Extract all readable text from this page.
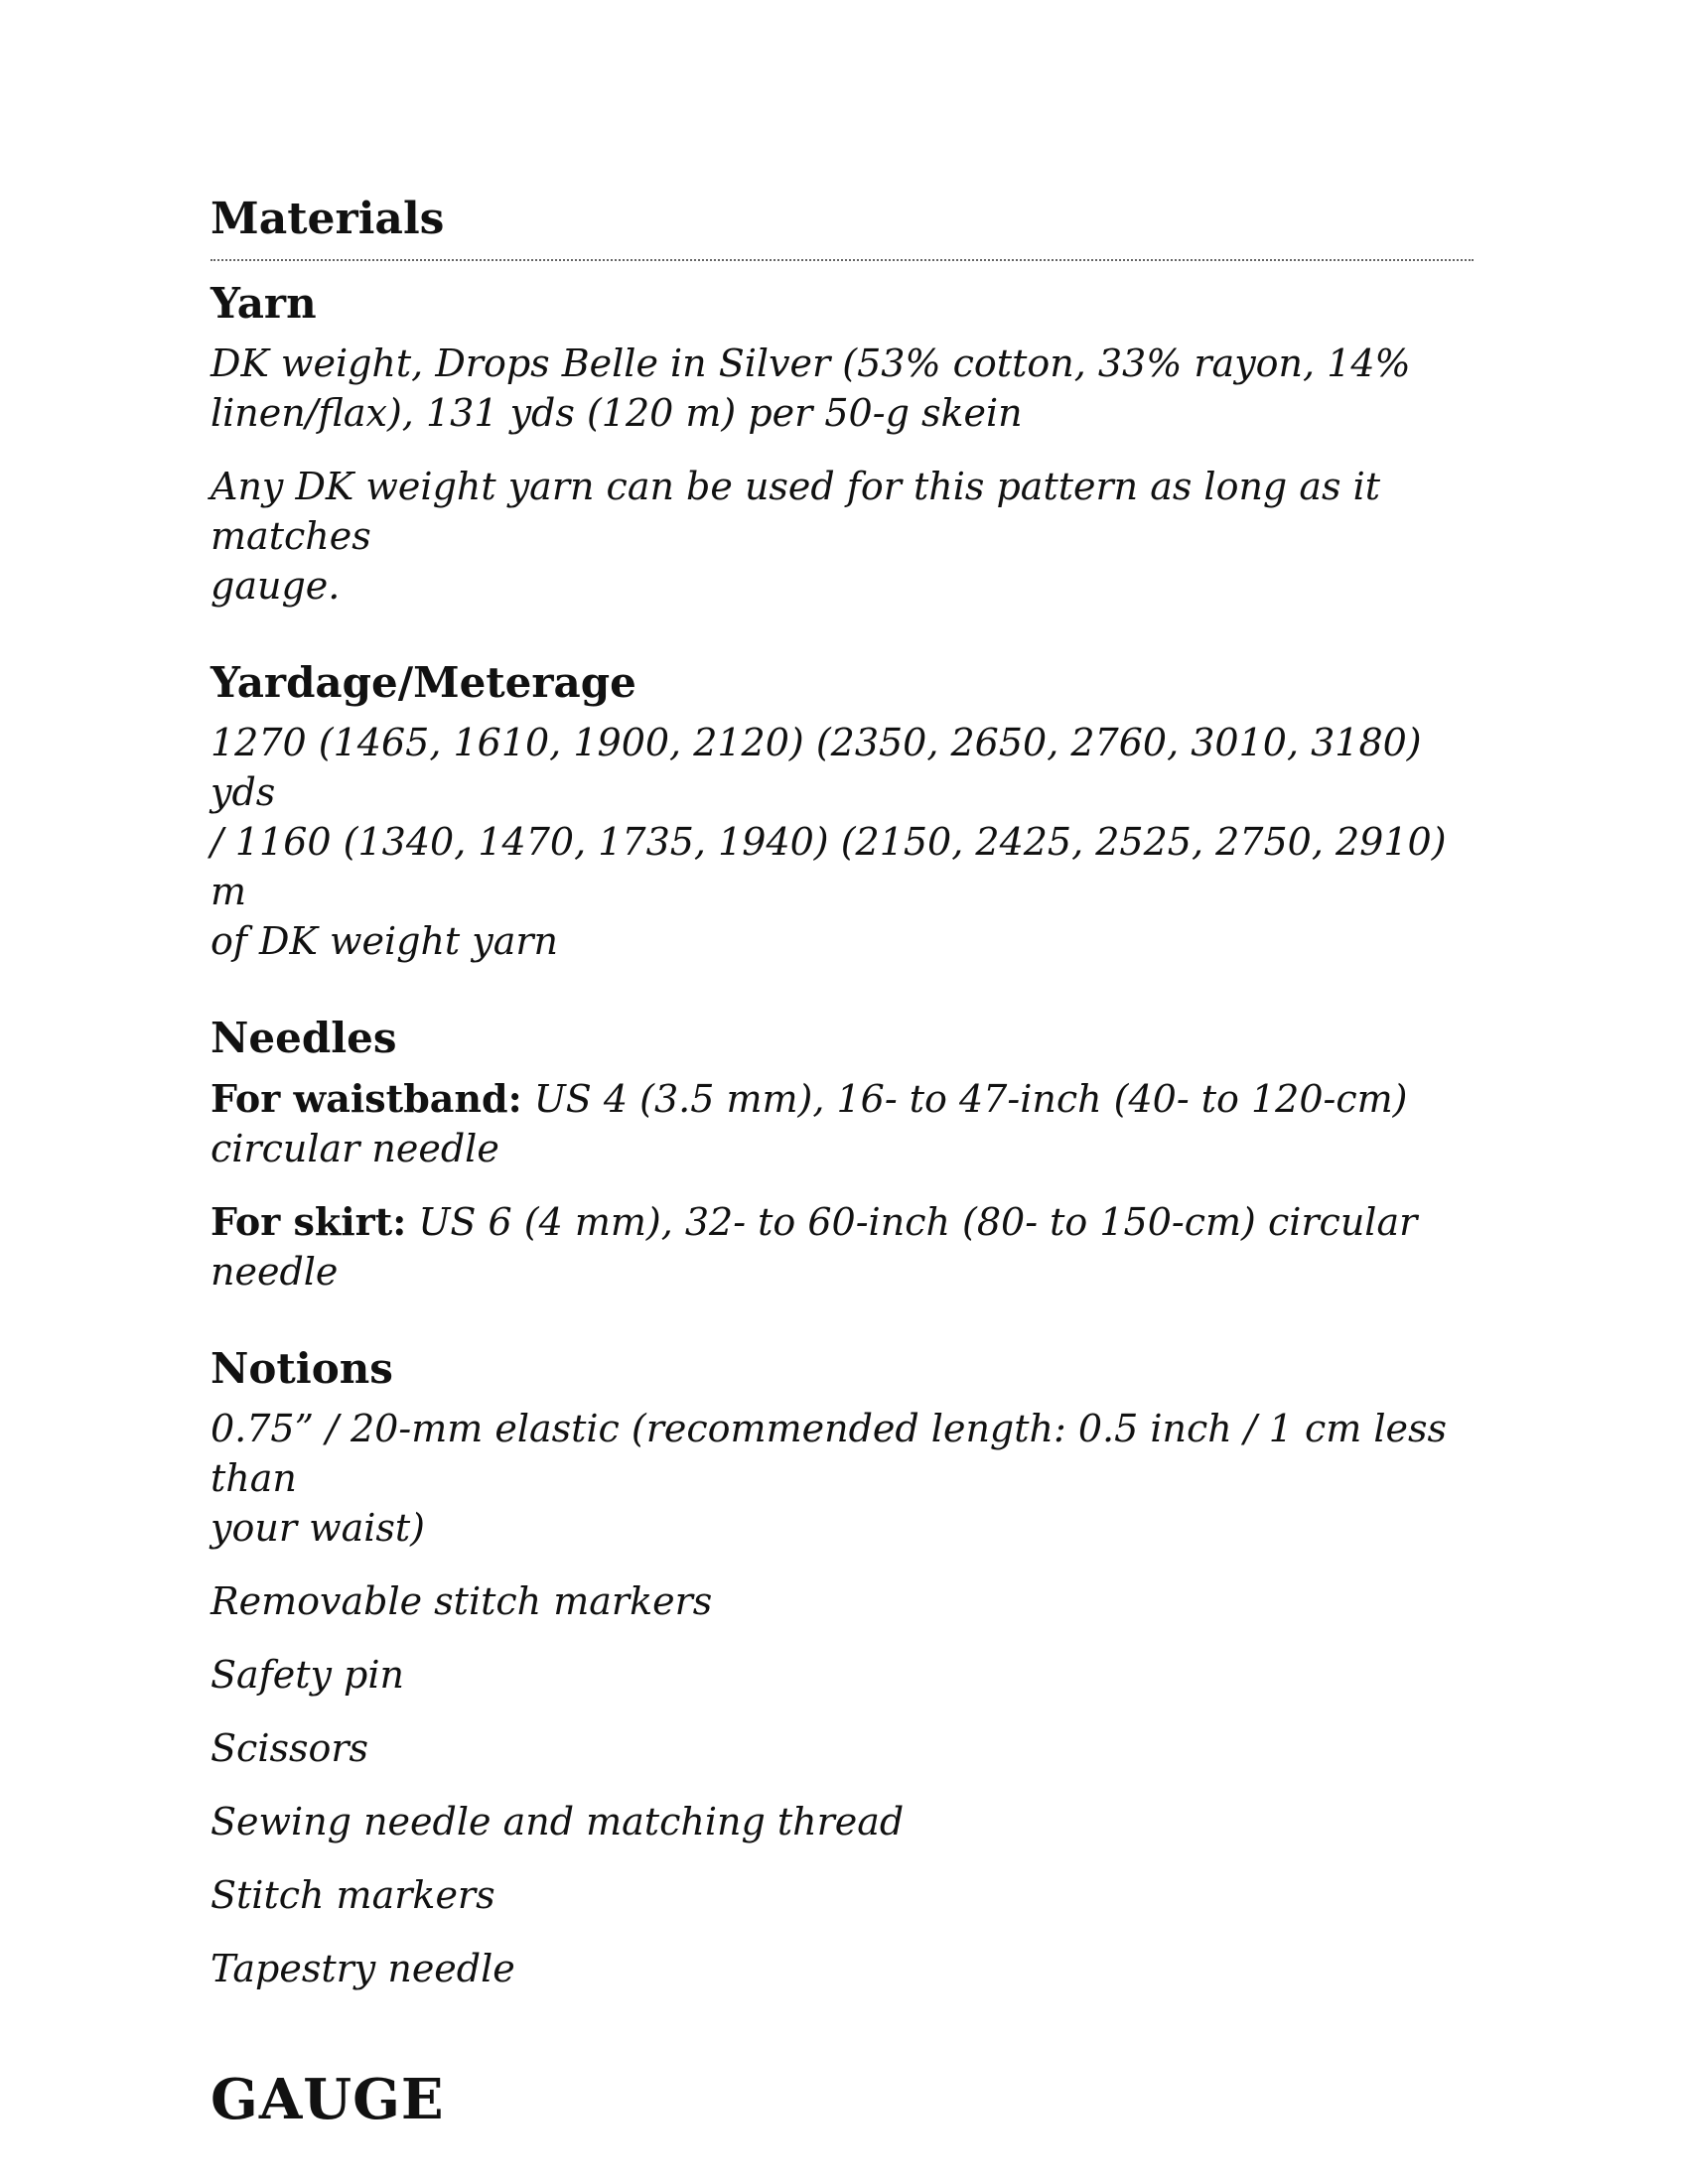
Materials
Yarn

DK weight, Drops Belle in Silver (53% cotton, 33% rayon, 14%

linen/flax), 131 yds (120 m) per 50-g skein

Any DK weight yarn can be used for this pattern as long as it matches

gauge.

Yardage/Meterage

1270 (1465, 1610, 1900, 2120) (2350, 2650, 2760, 3010, 3180) yds

/ 1160 (1340, 1470, 1735, 1940) (2150, 2425, 2525, 2750, 2910) m

of DK weight yarn

Needles

For waistband: US 4 (3.5 mm), 16- to 47-inch (40- to 120-cm)

circular needle

For skirt: US 6 (4 mm), 32- to 60-inch (80- to 150-cm) circular needle

Notions

0.75” / 20-mm elastic (recommended length: 0.5 inch / 1 cm less than

your waist)

Removable stitch markers

Safety pin

Scissors

Sewing needle and matching thread

Stitch markers

Tapestry needle

GAUGE
